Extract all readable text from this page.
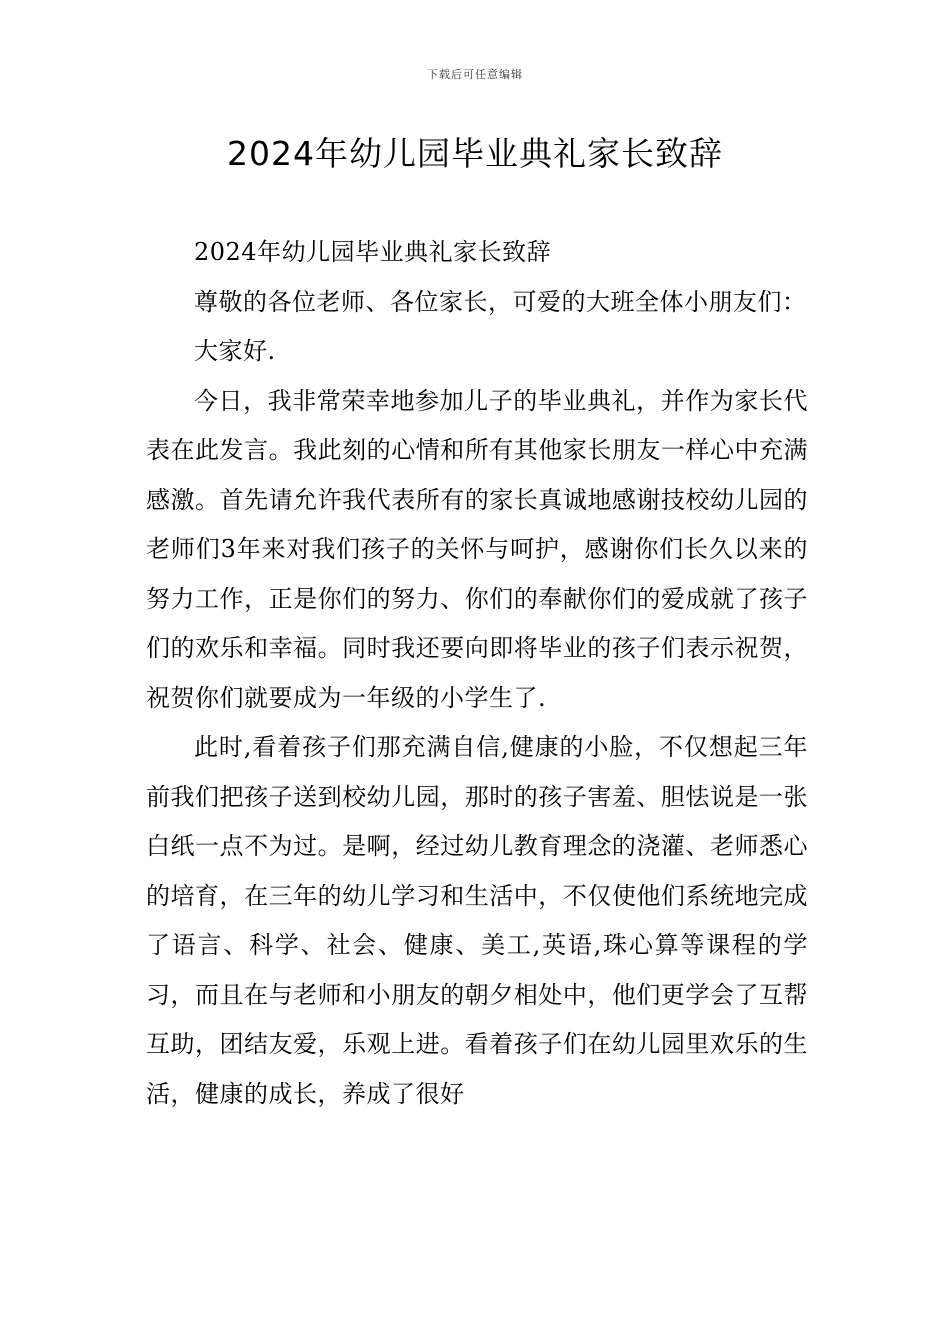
下载后可任意编辑
2024年幼儿园毕业典礼家长致辞

2024年幼儿园毕业典礼家长致辞

尊敬的各位老师、各位家长，可爱的大班全体小朋友们：

大家好.

今日，我非常荣幸地参加儿子的毕业典礼，并作为家长代表在此发言。我此刻的心情和所有其他家长朋友一样心中充满感激。首先请允许我代表所有的家长真诚地感谢技校幼儿园的老师们3年来对我们孩子的关怀与呵护，感谢你们长久以来的努力工作，正是你们的努力、你们的奉献你们的爱成就了孩子们的欢乐和幸福。同时我还要向即将毕业的孩子们表示祝贺，祝贺你们就要成为一年级的小学生了.

此时,看着孩子们那充满自信,健康的小脸，不仅想起三年前我们把孩子送到校幼儿园，那时的孩子害羞、胆怯说是一张白纸一点不为过。是啊，经过幼儿教育理念的浇灌、老师悉心的培育，在三年的幼儿学习和生活中，不仅使他们系统地完成了语言、科学、社会、健康、美工,英语,珠心算等课程的学习，而且在与老师和小朋友的朝夕相处中，他们更学会了互帮互助，团结友爱，乐观上进。看着孩子们在幼儿园里欢乐的生活，健康的成长，养成了很好
